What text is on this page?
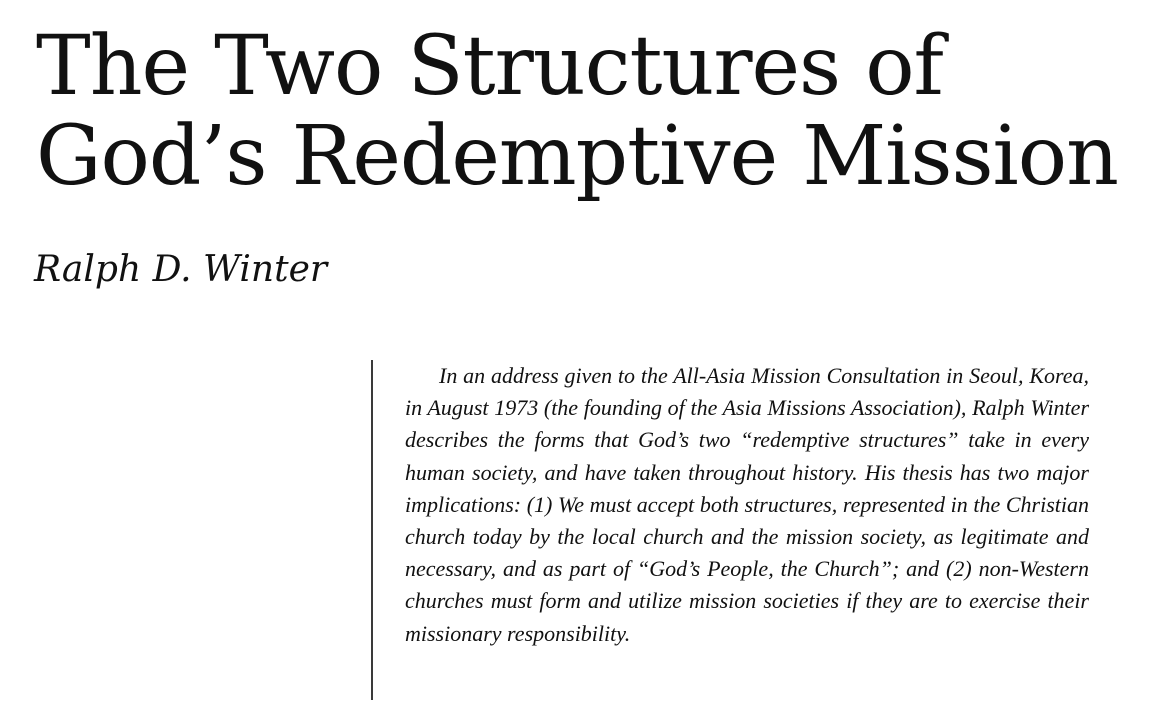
The Two Structures of
God’s Redemptive Mission

Ralph D. Winter

In an address given to the All-Asia Mission Consultation in Seoul, Korea, in August 1973 (the founding of the Asia Missions Association), Ralph Winter describes the forms that God’s two “redemptive structures” take in every human society, and have taken throughout history. His thesis has two major implications: (1) We must accept both structures, represented in the Christian church today by the local church and the mission society, as legitimate and necessary, and as part of “God’s People, the Church”; and (2) non-Western churches must form and utilize mission societies if they are to exercise their missionary responsibility.
